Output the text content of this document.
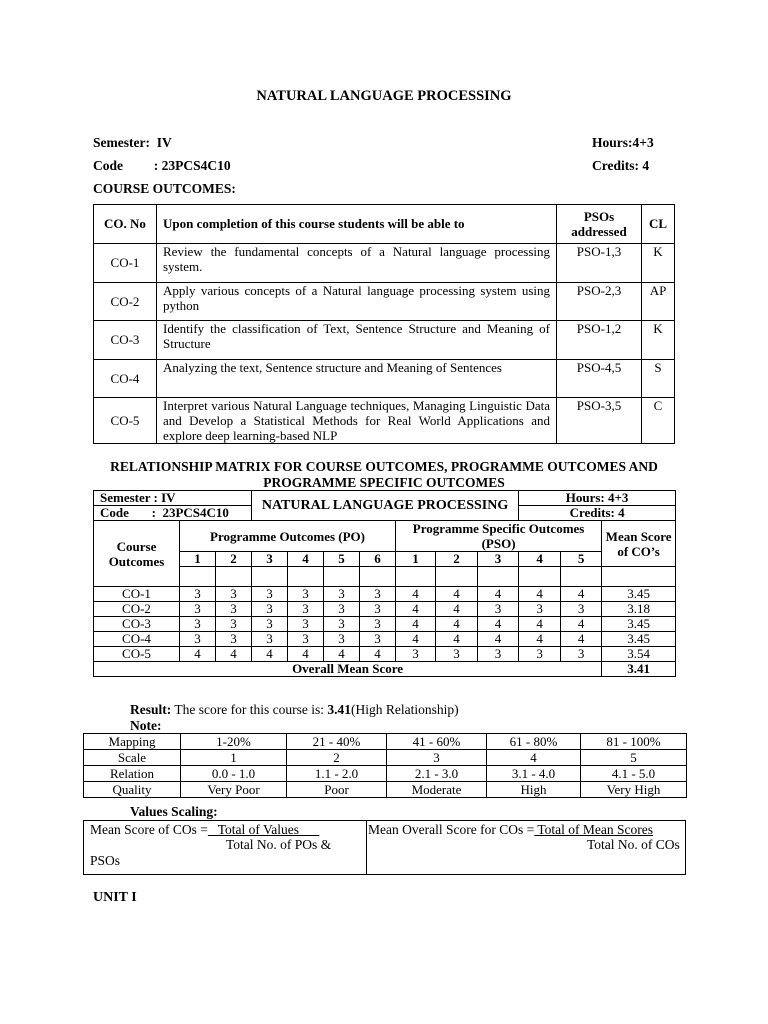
NATURAL LANGUAGE PROCESSING
Semester: IV	Hours:4+3
Code : 23PCS4C10	Credits: 4
COURSE OUTCOMES:
CO. No	Upon completion of this course students will be able to	PSOs addressed	CL
CO-1	Review the fundamental concepts of a Natural language processing system.	PSO-1,3	K
CO-2	Apply various concepts of a Natural language processing system using python	PSO-2,3	AP
CO-3	Identify the classification of Text, Sentence Structure and Meaning of Structure	PSO-1,2	K
CO-4	Analyzing the text, Sentence structure and Meaning of Sentences	PSO-4,5	S
CO-5	Interpret various Natural Language techniques, Managing Linguistic Data and Develop a Statistical Methods for Real World Applications and explore deep learning-based NLP	PSO-3,5	C
RELATIONSHIP MATRIX FOR COURSE OUTCOMES, PROGRAMME OUTCOMES AND
PROGRAMME SPECIFIC OUTCOMES
Semester : IV			NATURAL LANGUAGE PROCESSING							Hours: 4+3		
Code       :  23PCS4C10										Credits: 4		
Course Outcomes	Programme Outcomes (PO)						Programme Specific Outcomes (PSO)					Mean Score of CO’s
	1	2	3	4	5	6	1	2	3	4	5	

CO-1	3	3	3	3	3	3	4	4	4	4	4	3.45
CO-2	3	3	3	3	3	3	4	4	3	3	3	3.18
CO-3	3	3	3	3	3	3	4	4	4	4	4	3.45
CO-4	3	3	3	3	3	3	4	4	4	4	4	3.45
CO-5	4	4	4	4	4	4	3	3	3	3	3	3.54
Overall Mean Score												3.41
Result: The score for this course is: 3.41(High Relationship)
Note:
Mapping	1-20%	21 - 40%	41 - 60%	61 - 80%	81 - 100%
Scale	1	2	3	4	5
Relation	0.0 - 1.0	1.1 - 2.0	2.1 - 3.0	3.1 - 4.0	4.1 - 5.0
Quality	Very Poor	Poor	Moderate	High	Very High
Values Scaling:
Mean Score of COs =   Total of Values
Total No. of POs &
PSOs
Mean Overall Score for COs = Total of Mean Scores
Total No. of COs
UNIT I
